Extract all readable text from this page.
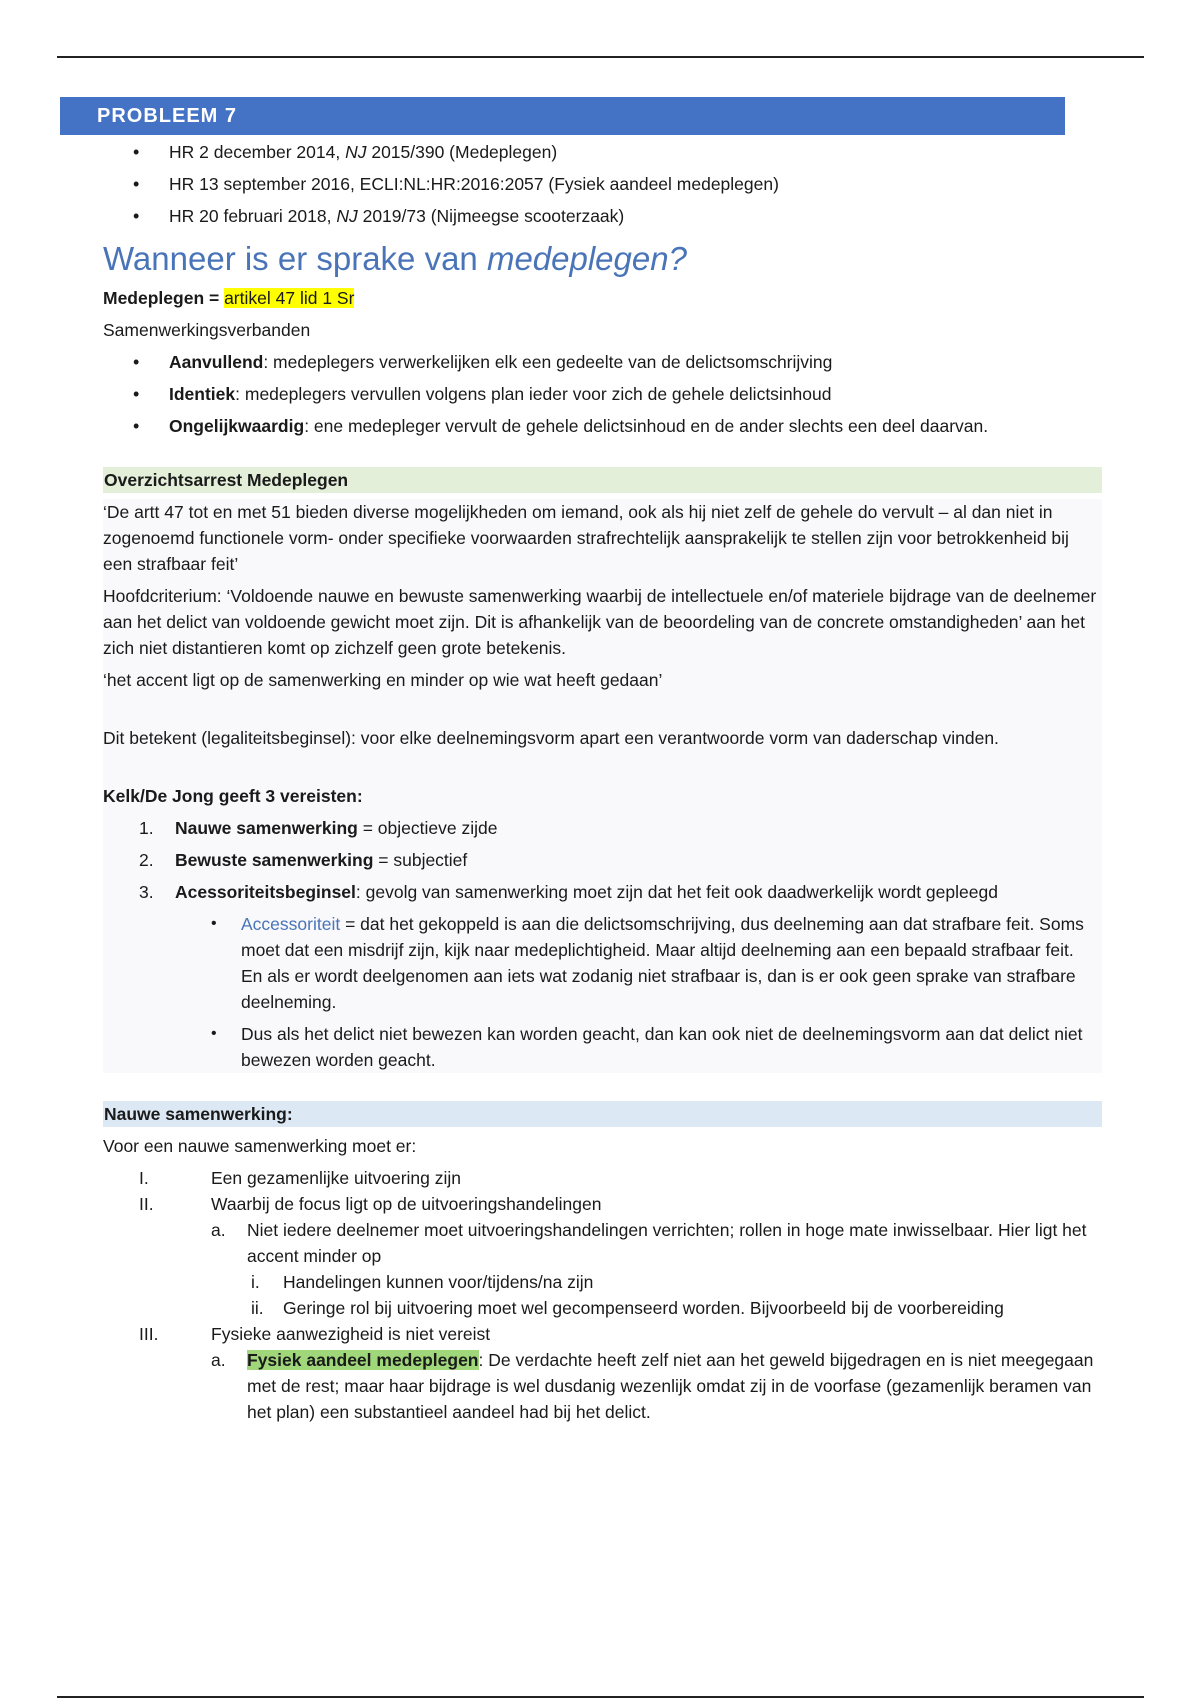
PROBLEEM 7
• HR 2 december 2014, NJ 2015/390 (Medeplegen)
• HR 13 september 2016, ECLI:NL:HR:2016:2057 (Fysiek aandeel medeplegen)
• HR 20 februari 2018, NJ 2019/73 (Nijmeegse scooterzaak)
Wanneer is er sprake van medeplegen?
Medeplegen = artikel 47 lid 1 Sr
Samenwerkingsverbanden
• Aanvullend: medeplegers verwerkelijken elk een gedeelte van de delictsomschrijving
• Identiek: medeplegers vervullen volgens plan ieder voor zich de gehele delictsinhoud
• Ongelijkwaardig: ene medepleger vervult de gehele delictsinhoud en de ander slechts een deel daarvan.
Overzichtsarrest Medeplegen
‘De artt 47 tot en met 51 bieden diverse mogelijkheden om iemand, ook als hij niet zelf de gehele do vervult – al dan niet in zogenoemd functionele vorm- onder specifieke voorwaarden strafrechtelijk aansprakelijk te stellen zijn voor betrokkenheid bij een strafbaar feit’
Hoofdcriterium: ‘Voldoende nauwe en bewuste samenwerking waarbij de intellectuele en/of materiele bijdrage van de deelnemer aan het delict van voldoende gewicht moet zijn. Dit is afhankelijk van de beoordeling van de concrete omstandigheden’ aan het zich niet distantieren komt op zichzelf geen grote betekenis.
‘het accent ligt op de samenwerking en minder op wie wat heeft gedaan’
Dit betekent (legaliteitsbeginsel): voor elke deelnemingsvorm apart een verantwoorde vorm van daderschap vinden.
Kelk/De Jong geeft 3 vereisten:
1. Nauwe samenwerking = objectieve zijde
2. Bewuste samenwerking = subjectief
3. Acessoriteitsbeginsel: gevolg van samenwerking moet zijn dat het feit ook daadwerkelijk wordt gepleegd
• Accessoriteit = dat het gekoppeld is aan die delictsomschrijving, dus deelneming aan dat strafbare feit. Soms moet dat een misdrijf zijn, kijk naar medeplichtigheid. Maar altijd deelneming aan een bepaald strafbaar feit. En als er wordt deelgenomen aan iets wat zodanig niet strafbaar is, dan is er ook geen sprake van strafbare deelneming.
• Dus als het delict niet bewezen kan worden geacht, dan kan ook niet de deelnemingsvorm aan dat delict niet bewezen worden geacht.
Nauwe samenwerking:
Voor een nauwe samenwerking moet er:
I.	Een gezamenlijke uitvoering zijn
II.	Waarbij de focus ligt op de uitvoeringshandelingen
a. Niet iedere deelnemer moet uitvoeringshandelingen verrichten; rollen in hoge mate inwisselbaar. Hier ligt het accent minder op
i. Handelingen kunnen voor/tijdens/na zijn
ii. Geringe rol bij uitvoering moet wel gecompenseerd worden. Bijvoorbeeld bij de voorbereiding
III.	Fysieke aanwezigheid is niet vereist
a. Fysiek aandeel medeplegen: De verdachte heeft zelf niet aan het geweld bijgedragen en is niet meegegaan met de rest; maar haar bijdrage is wel dusdanig wezenlijk omdat zij in de voorfase (gezamenlijk beramen van het plan) een substantieel aandeel had bij het delict.
